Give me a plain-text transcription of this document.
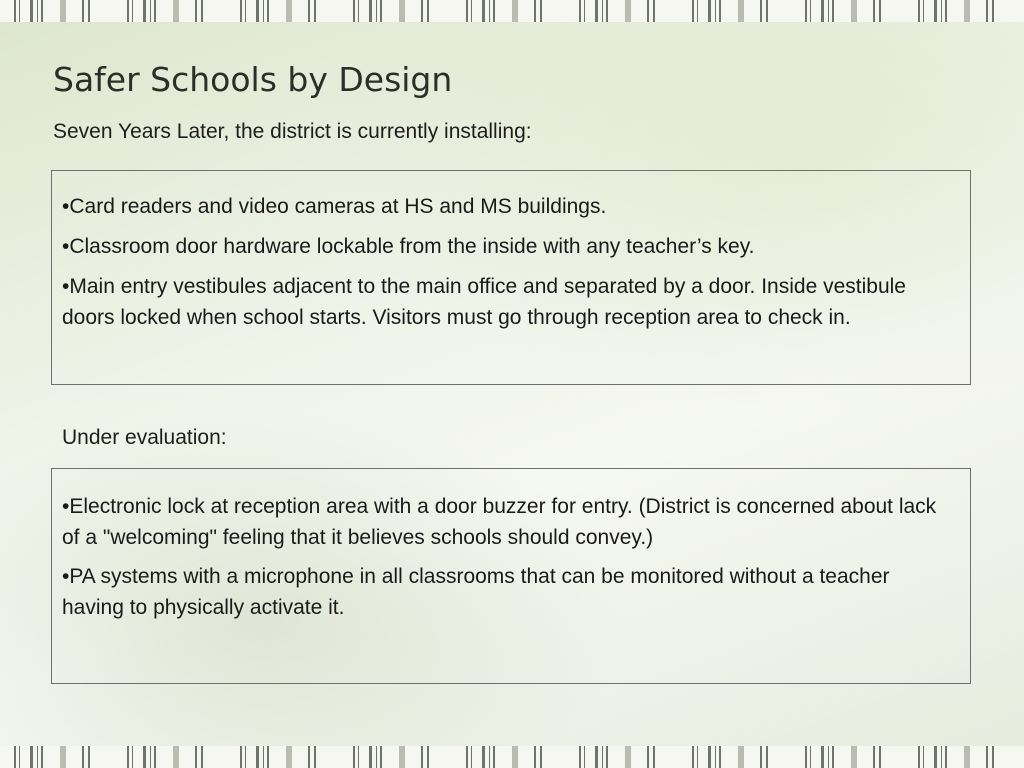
Safer Schools by Design

Seven Years Later, the district is currently installing:

•Card readers and video cameras at HS and MS buildings.

•Classroom door hardware lockable from the inside with any teacher’s key.

•Main entry vestibules adjacent to the main office and separated by a door. Inside vestibule doors locked when school starts. Visitors must go through reception area to check in.

Under evaluation:

•Electronic lock at reception area with a door buzzer for entry. (District is concerned about lack of a "welcoming" feeling that it believes schools should convey.)

•PA systems with a microphone in all classrooms that can be monitored without a teacher having to physically activate it.
